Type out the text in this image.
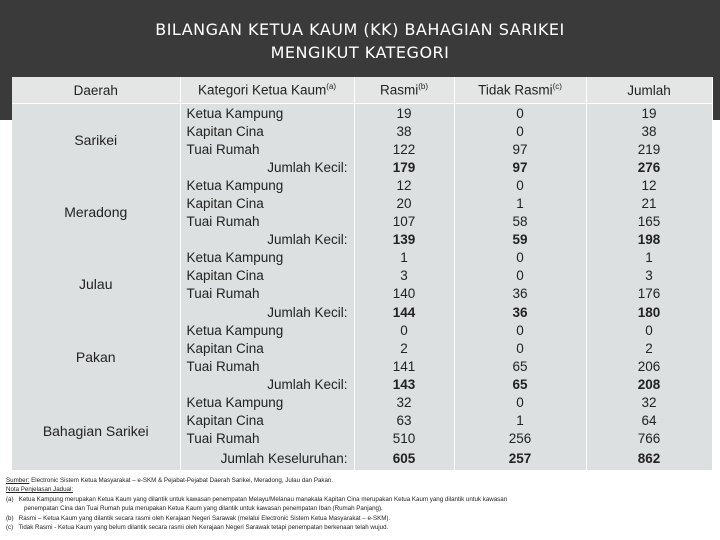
BILANGAN KETUA KAUM (KK) BAHAGIAN SARIKEI
MENGIKUT KATEGORI
Daerah	Kategori Ketua Kaum$^{(a)}$	Rasmi$^{(b)}$	Tidak Rasmi$^{(c)}$	Jumlah
Sarikei	Ketua Kampung	19	0	19
	Kapitan Cina	38	0	38
	Tuai Rumah	122	97	219
	Jumlah Kecil:	179	97	276
Meradong	Ketua Kampung	12	0	12
	Kapitan Cina	20	1	21
	Tuai Rumah	107	58	165
	Jumlah Kecil:	139	59	198
Julau	Ketua Kampung	1	0	1
	Kapitan Cina	3	0	3
	Tuai Rumah	140	36	176
	Jumlah Kecil:	144	36	180
Pakan	Ketua Kampung	0	0	0
	Kapitan Cina	2	0	2
	Tuai Rumah	141	65	206
	Jumlah Kecil:	143	65	208
Bahagian Sarikei	Ketua Kampung	32	0	32
	Kapitan Cina	63	1	64
	Tuai Rumah	510	256	766
	Jumlah Keseluruhan:	605	257	862
Sumber: Electronic Sistem Ketua Masyarakat – e-SKM & Pejabat-Pejabat Daerah Sarikei, Meradong, Julau dan Pakan.
Nota Penjelasan Jadual:
(a) Ketua Kampung merupakan Ketua Kaum yang dilantik untuk kawasan penempatan Melayu/Melanau manakala Kapitan Cina merupakan Ketua Kaum yang dilantik untuk kawasan
penempatan Cina dan Tuai Rumah pula merupakan Ketua Kaum yang dilantik untuk kawasan penempatan Iban (Rumah Panjang).
(b) Rasmi – Ketua Kaum yang dilantik secara rasmi oleh Kerajaan Negeri Sarawak (melalui Electronic Sistem Ketua Masyarakat – e-SKM).
(c) Tidak Rasmi - Ketua Kaum yang belum dilantik secara rasmi oleh Kerajaan Negeri Sarawak tetapi penempatan berkenaan telah wujud.
